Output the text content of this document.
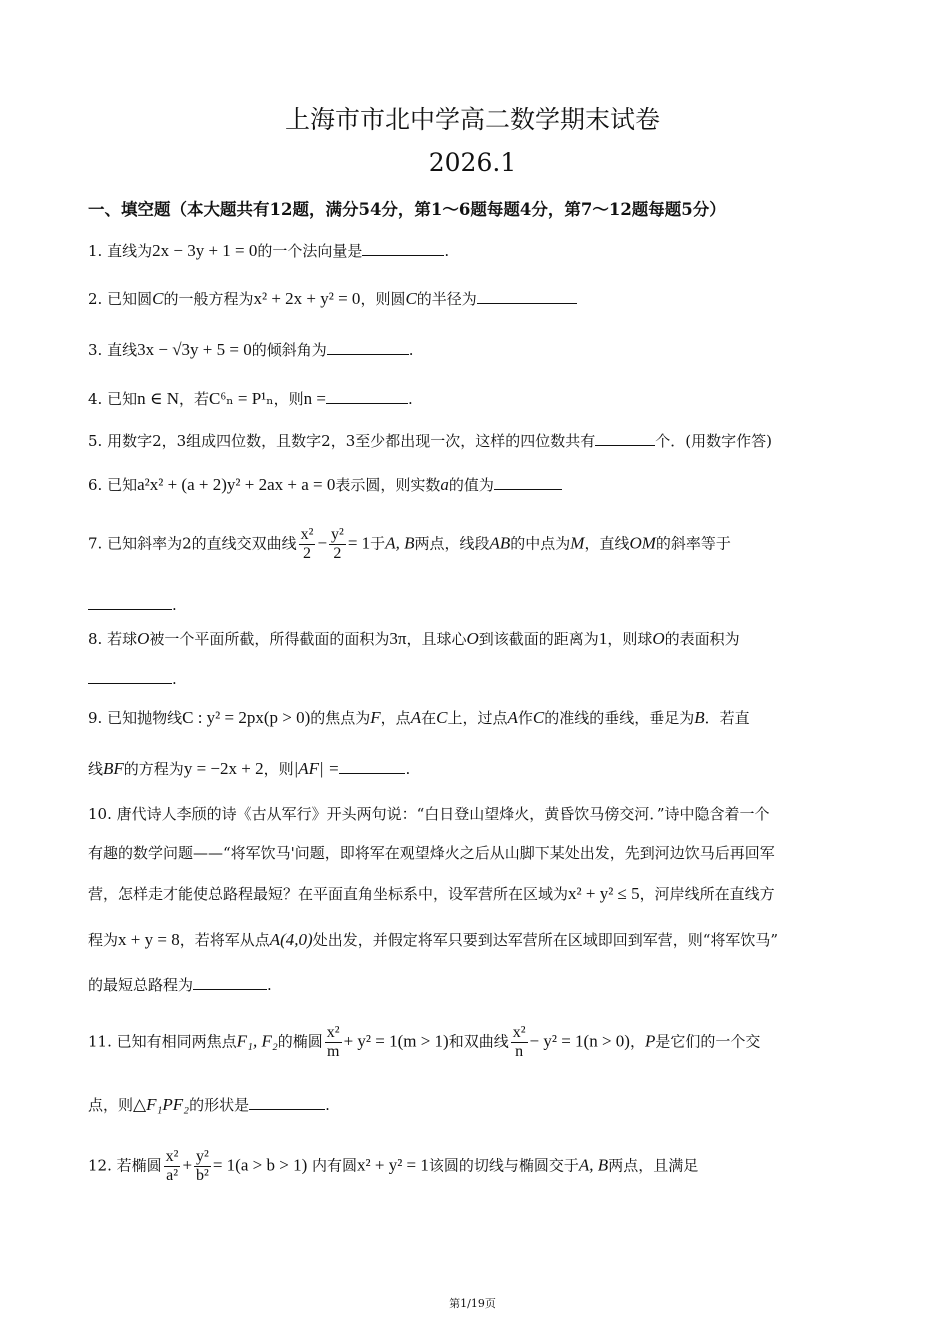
上海市市北中学高二数学期末试卷
2026.1
一、填空题（本大题共有12题，满分54分，第1～6题每题4分，第7～12题每题5分）
1. 直线为2x − 3y + 1 = 0的一个法向量是	.
2. 已知圆C的一般方程为x² + 2x + y² = 0，则圆C的半径为
3. 直线3x − √3y + 5 = 0的倾斜角为	.
4. 已知n ∈ N，若C⁶ₙ = P¹ₙ，则n =	.
5. 用数字2，3组成四位数，且数字2，3至少都出现一次，这样的四位数共有	个．(用数字作答)
6. 已知a²x² + (a + 2)y² + 2ax + a = 0表示圆，则实数a的值为
7. 已知斜率为2的直线交双曲线 $\frac{\text{x²}}{2} - \frac{\text{y²}}{2} = 1$于A, B两点，线段AB的中点为M，直线OM的斜率等于
.
8. 若球O被一个平面所截，所得截面的面积为3π，且球心O到该截面的距离为1，则球O的表面积为
.
9. 已知抛物线C : y² = 2px(p > 0)的焦点为F，点A在C上，过点A作C的准线的垂线，垂足为B．若直
线BF的方程为y = −2x + 2，则|AF| =	.
10. 唐代诗人李颀的诗《古从军行》开头两句说：“白日登山望烽火，黄昏饮马傍交河．”诗中隐含着一个
有趣的数学问题——“将军饮马'问题，即将军在观望烽火之后从山脚下某处出发，先到河边饮马后再回军
营，怎样走才能使总路程最短？在平面直角坐标系中，设军营所在区域为x² + y² ≤ 5，河岸线所在直线方
程为x + y = 8，若将军从点A(4,0)处出发，并假定将军只要到达军营所在区域即回到军营，则“将军饮马”
的最短总路程为	.
11. 已知有相同两焦点F₁, F₂的椭圆 $\frac{\text{x²}}{m} + y^2 = 1(m > 1)$和双曲线 $\frac{\text{x²}}{n} - y^2 = 1(n > 0)$，P是它们的一个交
点，则△F₁PF₂的形状是	.
12. 若椭圆 $\frac{\text{x²}}{\text{a²}} + \frac{\text{y²}}{\text{b²}} = 1(a > b > 1)$ 内有圆x² + y² = 1该圆的切线与椭圆交于A, B两点，且满足
第1/19页
